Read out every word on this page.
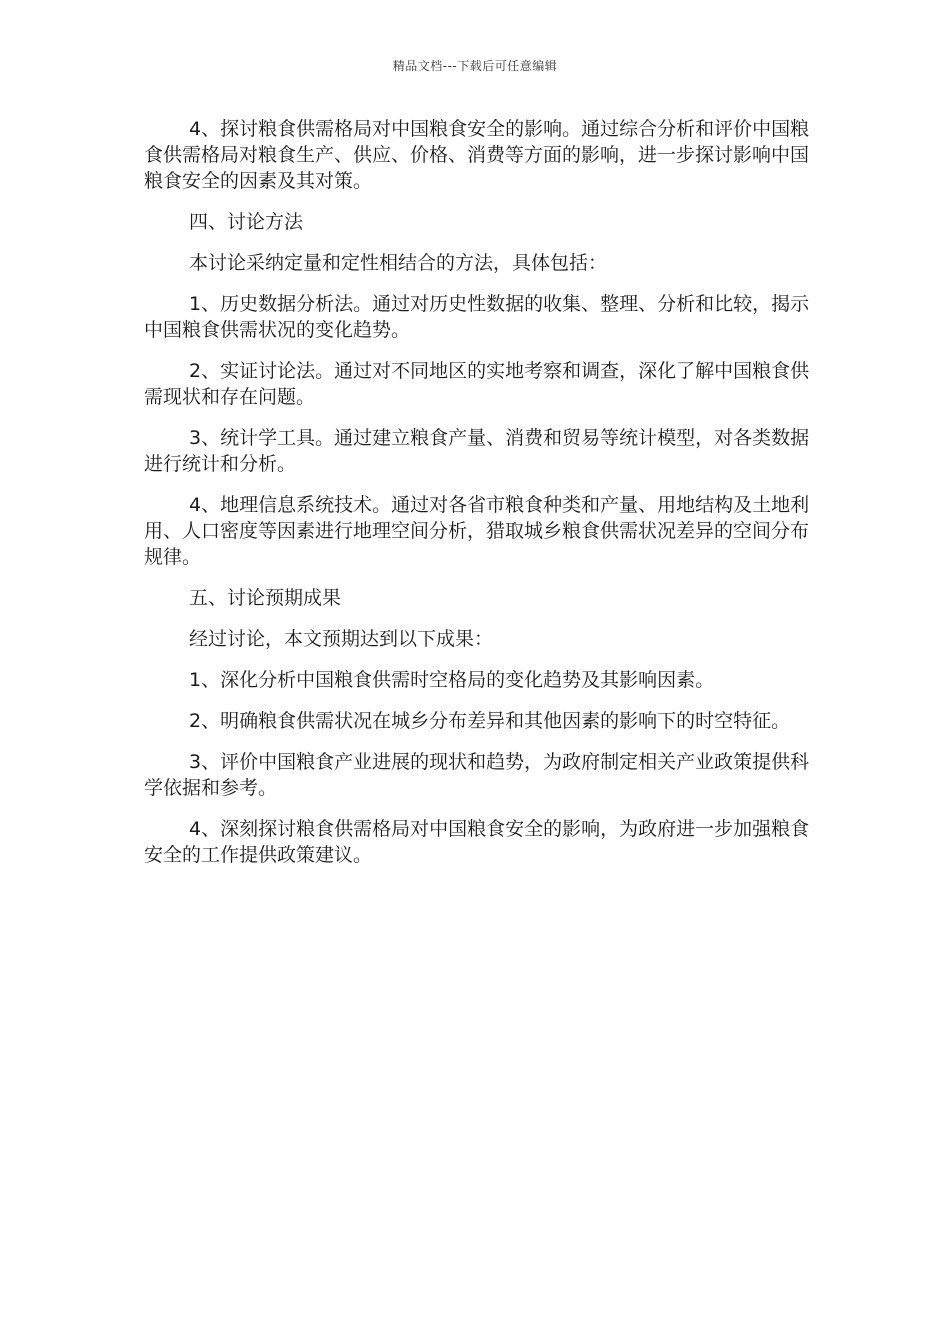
精品文档---下载后可任意编辑

4、探讨粮食供需格局对中国粮食安全的影响。通过综合分析和评价中国粮食供需格局对粮食生产、供应、价格、消费等方面的影响，进一步探讨影响中国粮食安全的因素及其对策。

四、讨论方法

本讨论采纳定量和定性相结合的方法，具体包括：

1、历史数据分析法。通过对历史性数据的收集、整理、分析和比较，揭示中国粮食供需状况的变化趋势。

2、实证讨论法。通过对不同地区的实地考察和调查，深化了解中国粮食供需现状和存在问题。

3、统计学工具。通过建立粮食产量、消费和贸易等统计模型，对各类数据进行统计和分析。

4、地理信息系统技术。通过对各省市粮食种类和产量、用地结构及土地利用、人口密度等因素进行地理空间分析，猎取城乡粮食供需状况差异的空间分布规律。

五、讨论预期成果

经过讨论，本文预期达到以下成果：

1、深化分析中国粮食供需时空格局的变化趋势及其影响因素。

2、明确粮食供需状况在城乡分布差异和其他因素的影响下的时空特征。

3、评价中国粮食产业进展的现状和趋势，为政府制定相关产业政策提供科学依据和参考。

4、深刻探讨粮食供需格局对中国粮食安全的影响，为政府进一步加强粮食安全的工作提供政策建议。
